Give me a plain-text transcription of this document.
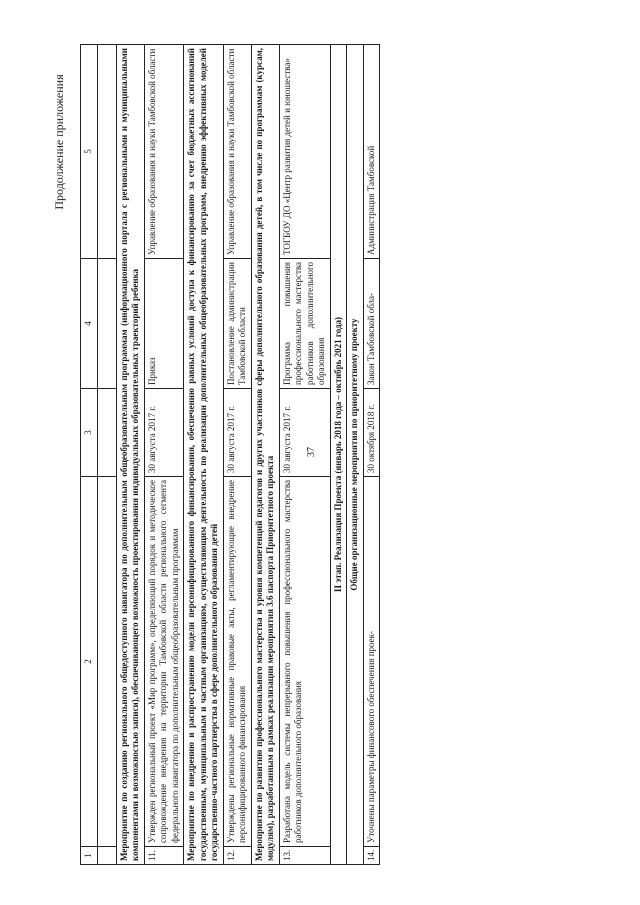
37
Продолжение приложения
1	2	3	4	5

Мероприятие по созданию регионального общедоступного навигатора по дополнительным общеобразовательным программам (информационного портала с региональными и муниципальными компонентами и возможностью записи), обеспечивающего возможность проектирования индивидуальных образовательных траекторий ребенка				
11.	Утвержден региональный проект «Мир программ», определяющий порядок и методическое сопровождение внедрения на территории Тамбовской области регионального сегмента федерального навигатора по дополнительным общеобразовательным программам	30 августа 2017 г.	Приказ	Управление образования и науки Тамбовской области
Мероприятие по внедрению и распространению модели персонифицированного финансирования, обеспечению равных условий доступа к финансированию за счет бюджетных ассигнований государственным, муниципальным и частным организациям, осуществляющим деятельность по реализации дополнительных общеобразовательных программ, внедрению эффективных моделей государственно-частного партнерства в сфере дополнительного образования детей				
12.	Утверждены региональные нормативные правовые акты, регламентирующие внедрение персонифицированного финансирования	30 августа 2017 г.	Постановление администрации Тамбовской области	Управление образования и науки Тамбовской области
Мероприятие по развитию профессионального мастерства и уровня компетенций педагогов и других участников сферы дополнительного образования детей, в том числе по программам (курсам, модулям), разработанным в рамках реализации мероприятия 3.6 паспорта Приоритетного проекта				
13.	Разработана модель системы непрерывного повышения профессионального мастерства работников дополнительного образования	30 августа 2017 г.	Программа повышения профессионального мастерства работников дополнительного образования	ТОГБОУ ДО «Центр развития детей и юношества»
II этап. Реализация Проекта (январь 2018 года – октябрь 2021 года)				
Общие организационные мероприятия по приоритетному проекту				
14.	Уточнены параметры финансового обеспечения проек-	30 октября 2018 г.	Закон Тамбовской обла-	Администрация Тамбовской
